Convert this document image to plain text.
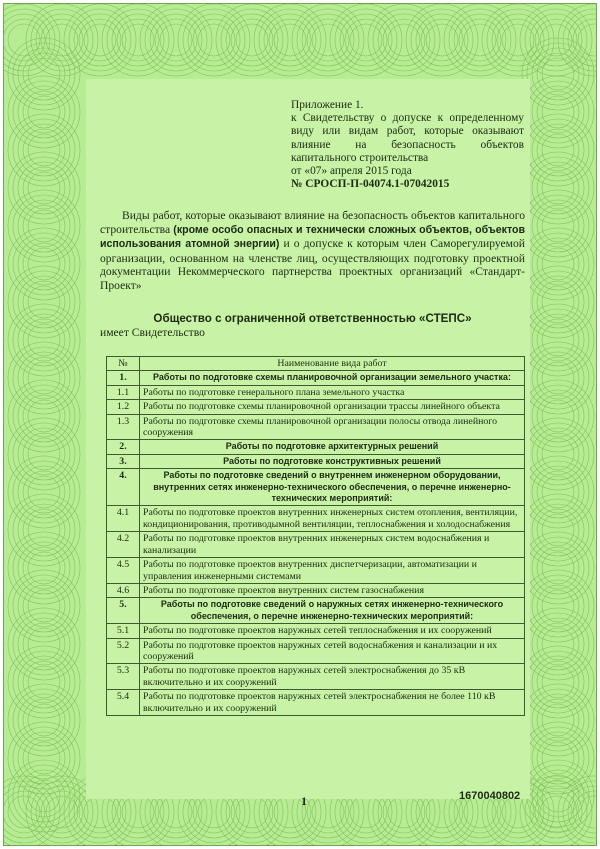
Приложение 1.
к Свидетельству о допуске к определенному
виду или видам работ, которые оказывают
влияние на безопасность объектов
капитального строительства
от «07» апреля 2015 года
№ СРОСП-П-04074.1-07042015
Виды работ, которые оказывают влияние на безопасность объектов капитального строительства (кроме особо опасных и технически сложных объектов, объектов использования атомной энергии) и о допуске к которым член Саморегулируемой организации, основанном на членстве лиц, осуществляющих подготовку проектной документации Некоммерческого партнерства проектных организаций «Стандарт-Проект»
Общество с ограниченной ответственностью «СТЕПС»
имеет Свидетельство
№	Наименование вида работ
1.	Работы по подготовке схемы планировочной организации земельного участка:
1.1	Работы по подготовке генерального плана земельного участка
1.2	Работы по подготовке схемы планировочной организации трассы линейного объекта
1.3	Работы по подготовке схемы планировочной организации полосы отвода линейного сооружения
2.	Работы по подготовке архитектурных решений
3.	Работы по подготовке конструктивных решений
4.	Работы по подготовке сведений о внутреннем инженерном оборудовании, внутренних сетях инженерно-технического обеспечения, о перечне инженерно-технических мероприятий:
4.1	Работы по подготовке проектов внутренних инженерных систем отопления, вентиляции, кондиционирования, противодымной вентиляции, теплоснабжения и холодоснабжения
4.2	Работы по подготовке проектов внутренних инженерных систем водоснабжения и канализации
4.5	Работы по подготовке проектов внутренних диспетчеризации, автоматизации и управления инженерными системами
4.6	Работы по подготовке проектов внутренних систем газоснабжения
5.	Работы по подготовке сведений о наружных сетях инженерно-технического обеспечения, о перечне инженерно-технических мероприятий:
5.1	Работы по подготовке проектов наружных сетей теплоснабжения и их сооружений
5.2	Работы по подготовке проектов наружных сетей водоснабжения и канализации и их сооружений
5.3	Работы по подготовке проектов наружных сетей электроснабжения до 35 кВ включительно и их сооружений
5.4	Работы по подготовке проектов наружных сетей электроснабжения не более 110 кВ включительно и их сооружений
1	1670040802
